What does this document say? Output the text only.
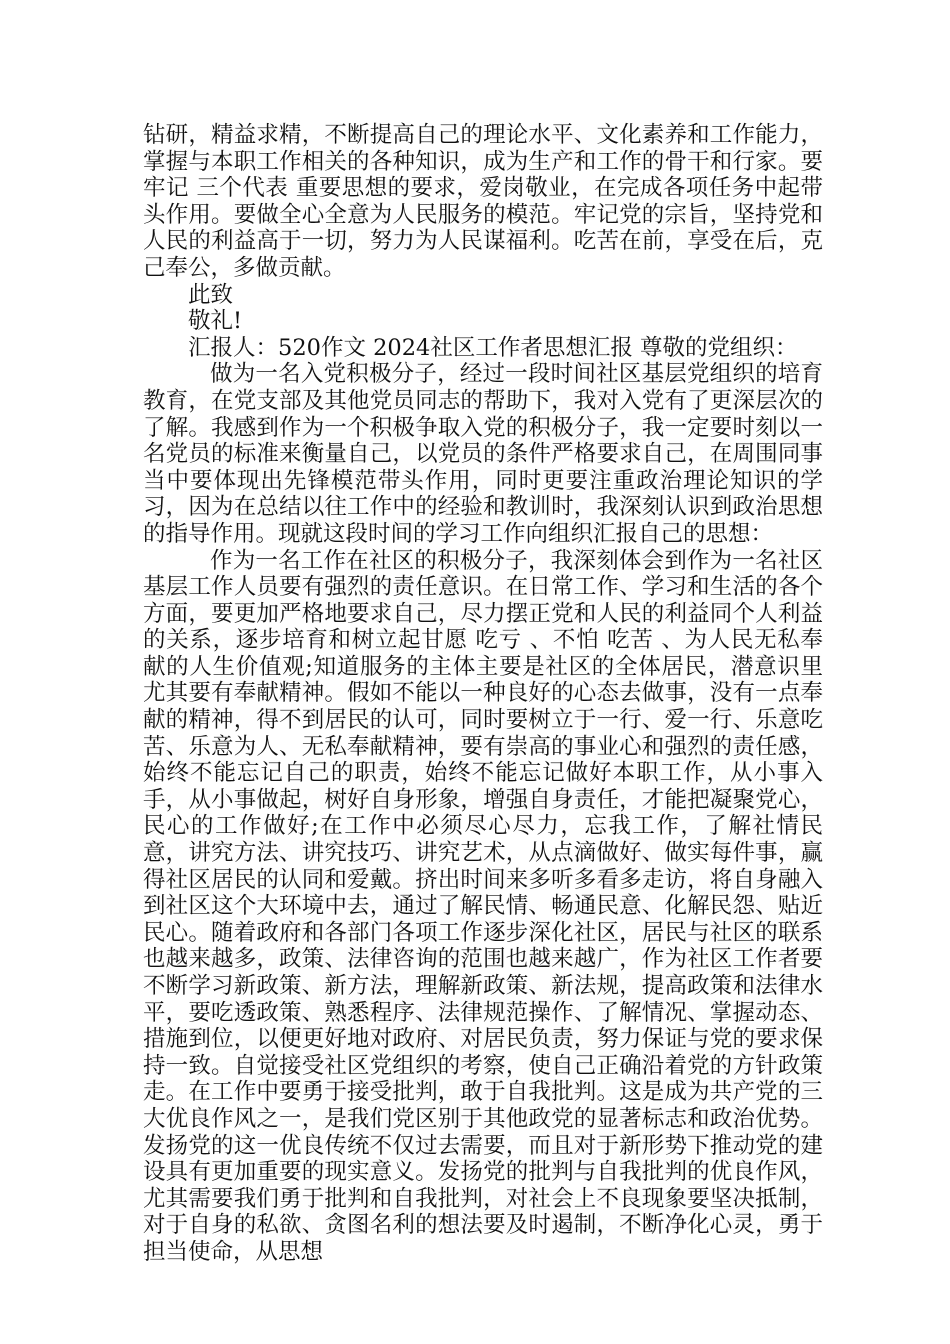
钻研，精益求精，不断提高自己的理论水平、文化素养和工作能力，掌握与本职工作相关的各种知识，成为生产和工作的骨干和行家。要牢记 三个代表 重要思想的要求，爱岗敬业，在完成各项任务中起带头作用。要做全心全意为人民服务的模范。牢记党的宗旨，坚持党和人民的利益高于一切，努力为人民谋福利。吃苦在前，享受在后，克己奉公，多做贡献。

此致

敬礼!

汇报人：520作文 2024社区工作者思想汇报 尊敬的党组织：

做为一名入党积极分子，经过一段时间社区基层党组织的培育教育，在党支部及其他党员同志的帮助下，我对入党有了更深层次的了解。我感到作为一个积极争取入党的积极分子，我一定要时刻以一名党员的标准来衡量自己，以党员的条件严格要求自己，在周围同事当中要体现出先锋模范带头作用，同时更要注重政治理论知识的学习，因为在总结以往工作中的经验和教训时，我深刻认识到政治思想的指导作用。现就这段时间的学习工作向组织汇报自己的思想：

作为一名工作在社区的积极分子，我深刻体会到作为一名社区基层工作人员要有强烈的责任意识。在日常工作、学习和生活的各个方面，要更加严格地要求自己，尽力摆正党和人民的利益同个人利益的关系，逐步培育和树立起甘愿 吃亏 、不怕 吃苦 、为人民无私奉献的人生价值观;知道服务的主体主要是社区的全体居民，潜意识里尤其要有奉献精神。假如不能以一种良好的心态去做事，没有一点奉献的精神，得不到居民的认可，同时要树立于一行、爱一行、乐意吃苦、乐意为人、无私奉献精神，要有崇高的事业心和强烈的责任感，始终不能忘记自己的职责，始终不能忘记做好本职工作，从小事入手，从小事做起，树好自身形象，增强自身责任，才能把凝聚党心，民心的工作做好;在工作中必须尽心尽力，忘我工作，了解社情民意，讲究方法、讲究技巧、讲究艺术，从点滴做好、做实每件事，赢得社区居民的认同和爱戴。挤出时间来多听多看多走访，将自身融入到社区这个大环境中去，通过了解民情、畅通民意、化解民怨、贴近民心。随着政府和各部门各项工作逐步深化社区，居民与社区的联系也越来越多，政策、法律咨询的范围也越来越广，作为社区工作者要不断学习新政策、新方法，理解新政策、新法规，提高政策和法律水平，要吃透政策、熟悉程序、法律规范操作、了解情况、掌握动态、措施到位，以便更好地对政府、对居民负责，努力保证与党的要求保持一致。自觉接受社区党组织的考察，使自己正确沿着党的方针政策走。在工作中要勇于接受批判，敢于自我批判。这是成为共产党的三大优良作风之一，是我们党区别于其他政党的显著标志和政治优势。发扬党的这一优良传统不仅过去需要，而且对于新形势下推动党的建设具有更加重要的现实意义。发扬党的批判与自我批判的优良作风，尤其需要我们勇于批判和自我批判，对社会上不良现象要坚决抵制，对于自身的私欲、贪图名利的想法要及时遏制，不断净化心灵，勇于担当使命，从思想
